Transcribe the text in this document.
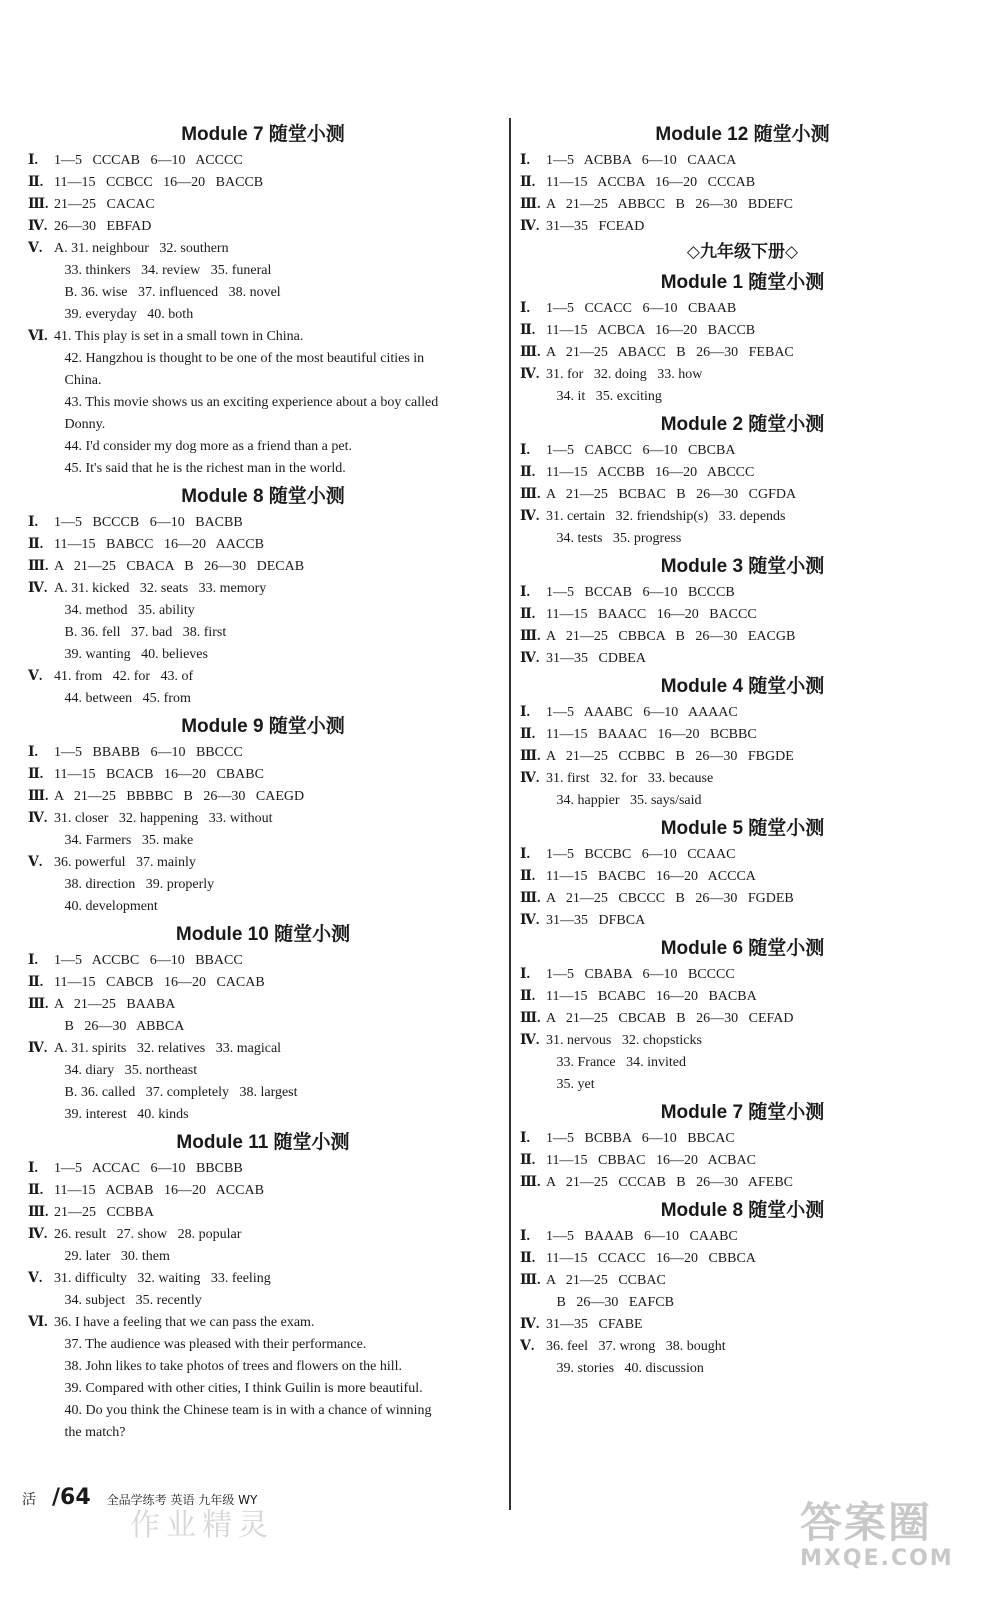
Module 7 随堂小测
Ⅰ.	1—5   CCCAB   6—10   ACCCC
Ⅱ. 11—15   CCBCC   16—20   BACCB
Ⅲ. 21—25   CACAC
Ⅳ. 26—30   EBFAD
Ⅴ. A. 31. neighbour   32. southern
33. thinkers   34. review   35. funeral
B. 36. wise   37. influenced   38. novel
39. everyday   40. both
Ⅵ. 41. This play is set in a small town in China.
42. Hangzhou is thought to be one of the most beautiful cities in
China.
43. This movie shows us an exciting experience about a boy called
Donny.
44. I'd consider my dog more as a friend than a pet.
45. It's said that he is the richest man in the world.
Module 8 随堂小测
Ⅰ.	1—5   BCCCB   6—10   BACBB
Ⅱ. 11—15   BABCC   16—20   AACCB
Ⅲ. A   21—25   CBACA   B   26—30   DECAB
Ⅳ. A. 31. kicked   32. seats   33. memory
34. method   35. ability
B. 36. fell   37. bad   38. first
39. wanting   40. believes
Ⅴ. 41. from   42. for   43. of
44. between   45. from
Module 9 随堂小测
Ⅰ.	1—5   BBABB   6—10   BBCCC
Ⅱ. 11—15   BCACB   16—20   CBABC
Ⅲ. A   21—25   BBBBC   B   26—30   CAEGD
Ⅳ. 31. closer   32. happening   33. without
34. Farmers   35. make
Ⅴ. 36. powerful   37. mainly
38. direction   39. properly
40. development
Module 10 随堂小测
Ⅰ.	1—5   ACCBC   6—10   BBACC
Ⅱ. 11—15   CABCB   16—20   CACAB
Ⅲ. A   21—25   BAABA
B   26—30   ABBCA
Ⅳ. A. 31. spirits   32. relatives   33. magical
34. diary   35. northeast
B. 36. called   37. completely   38. largest
39. interest   40. kinds
Module 11 随堂小测
Ⅰ.	1—5   ACCAC   6—10   BBCBB
Ⅱ. 11—15   ACBAB   16—20   ACCAB
Ⅲ. 21—25   CCBBA
Ⅳ. 26. result   27. show   28. popular
29. later   30. them
Ⅴ. 31. difficulty   32. waiting   33. feeling
34. subject   35. recently
Ⅵ. 36. I have a feeling that we can pass the exam.
37. The audience was pleased with their performance.
38. John likes to take photos of trees and flowers on the hill.
39. Compared with other cities, I think Guilin is more beautiful.
40. Do you think the Chinese team is in with a chance of winning
the match?
Module 12 随堂小测
Ⅰ.	1—5   ACBBA   6—10   CAACA
Ⅱ. 11—15   ACCBA   16—20   CCCAB
Ⅲ. A   21—25   ABBCC   B   26—30   BDEFC
Ⅳ. 31—35   FCEAD
◇九年级下册◇
Module 1 随堂小测
Ⅰ.	1—5   CCACC   6—10   CBAAB
Ⅱ. 11—15   ACBCA   16—20   BACCB
Ⅲ. A   21—25   ABACC   B   26—30   FEBAC
Ⅳ. 31. for   32. doing   33. how
34. it   35. exciting
Module 2 随堂小测
Ⅰ.	1—5   CABCC   6—10   CBCBA
Ⅱ. 11—15   ACCBB   16—20   ABCCC
Ⅲ. A   21—25   BCBAC   B   26—30   CGFDA
Ⅳ. 31. certain   32. friendship(s)   33. depends
34. tests   35. progress
Module 3 随堂小测
Ⅰ.	1—5   BCCAB   6—10   BCCCB
Ⅱ. 11—15   BAACC   16—20   BACCC
Ⅲ. A   21—25   CBBCA   B   26—30   EACGB
Ⅳ. 31—35   CDBEA
Module 4 随堂小测
Ⅰ.	1—5   AAABC   6—10   AAAAC
Ⅱ. 11—15   BAAAC   16—20   BCBBC
Ⅲ. A   21—25   CCBBC   B   26—30   FBGDE
Ⅳ. 31. first   32. for   33. because
34. happier   35. says/said
Module 5 随堂小测
Ⅰ.	1—5   BCCBC   6—10   CCAAC
Ⅱ. 11—15   BACBC   16—20   ACCCA
Ⅲ. A   21—25   CBCCC   B   26—30   FGDEB
Ⅳ. 31—35   DFBCA
Module 6 随堂小测
Ⅰ.	1—5   CBABA   6—10   BCCCC
Ⅱ. 11—15   BCABC   16—20   BACBA
Ⅲ. A   21—25   CBCAB   B   26—30   CEFAD
Ⅳ. 31. nervous   32. chopsticks
33. France   34. invited
35. yet
Module 7 随堂小测
Ⅰ.	1—5   BCBBA   6—10   BBCAC
Ⅱ. 11—15   CBBAC   16—20   ACBAC
Ⅲ. A   21—25   CCCAB   B   26—30   AFEBC
Module 8 随堂小测
Ⅰ.	1—5   BAAAB   6—10   CAABC
Ⅱ. 11—15   CCACC   16—20   CBBCA
Ⅲ. A   21—25   CCBAC
B   26—30   EAFCB
Ⅳ. 31—35   CFABE
Ⅴ. 36. feel   37. wrong   38. bought
39. stories   40. discussion
活 /64 全品学练考 英语 九年级 WY
作业精灵	答案圈
MXQE.COM
